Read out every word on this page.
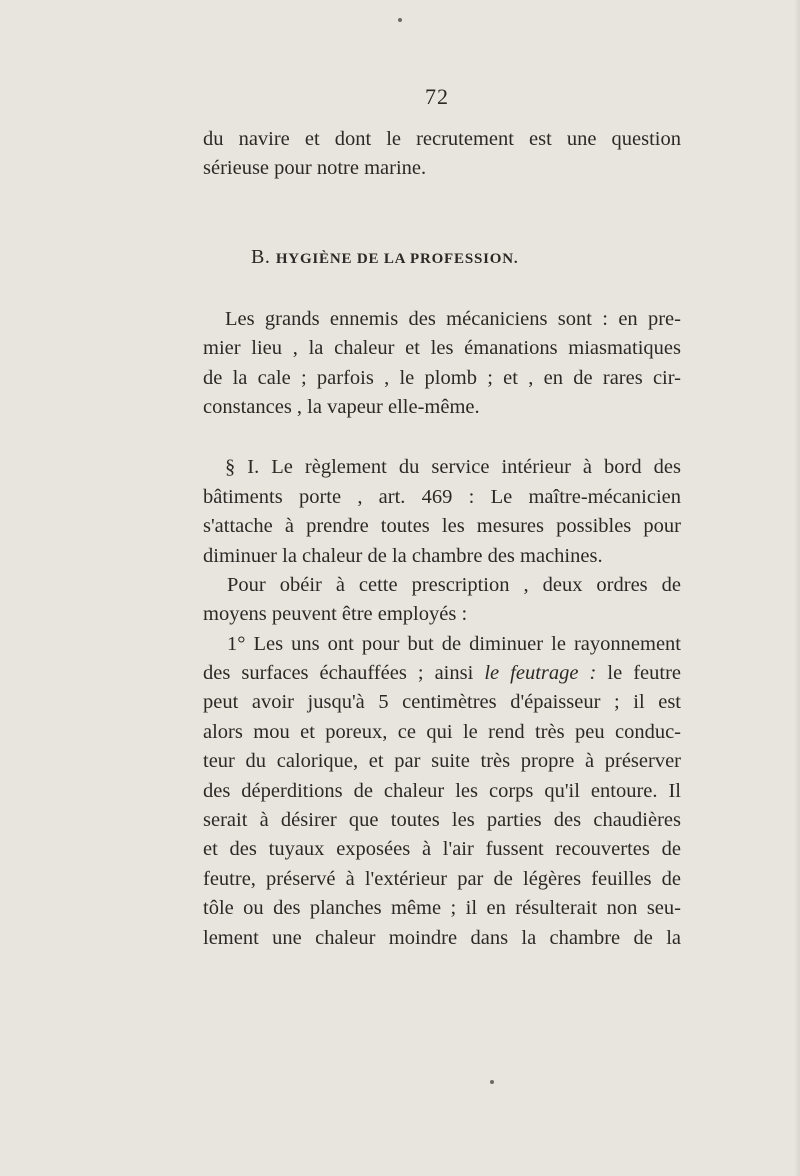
72
du navire et dont le recrutement est une question
sérieuse pour notre marine.
B. HYGIÈNE DE LA PROFESSION.
Les grands ennemis des mécaniciens sont : en pre-
mier lieu , la chaleur et les émanations miasmatiques
de la cale ; parfois , le plomb ; et , en de rares cir-
constances , la vapeur elle-même.
§ I. Le règlement du service intérieur à bord des
bâtiments porte , art. 469 : Le maître-mécanicien
s'attache à prendre toutes les mesures possibles pour
diminuer la chaleur de la chambre des machines.
Pour obéir à cette prescription , deux ordres de
moyens peuvent être employés :
1° Les uns ont pour but de diminuer le rayonnement
des surfaces échauffées ; ainsi le feutrage : le feutre
peut avoir jusqu'à 5 centimètres d'épaisseur ; il est
alors mou et poreux, ce qui le rend très peu conduc-
teur du calorique, et par suite très propre à préserver
des déperditions de chaleur les corps qu'il entoure. Il
serait à désirer que toutes les parties des chaudières
et des tuyaux exposées à l'air fussent recouvertes de
feutre, préservé à l'extérieur par de légères feuilles de
tôle ou des planches même ; il en résulterait non seu-
lement une chaleur moindre dans la chambre de la
